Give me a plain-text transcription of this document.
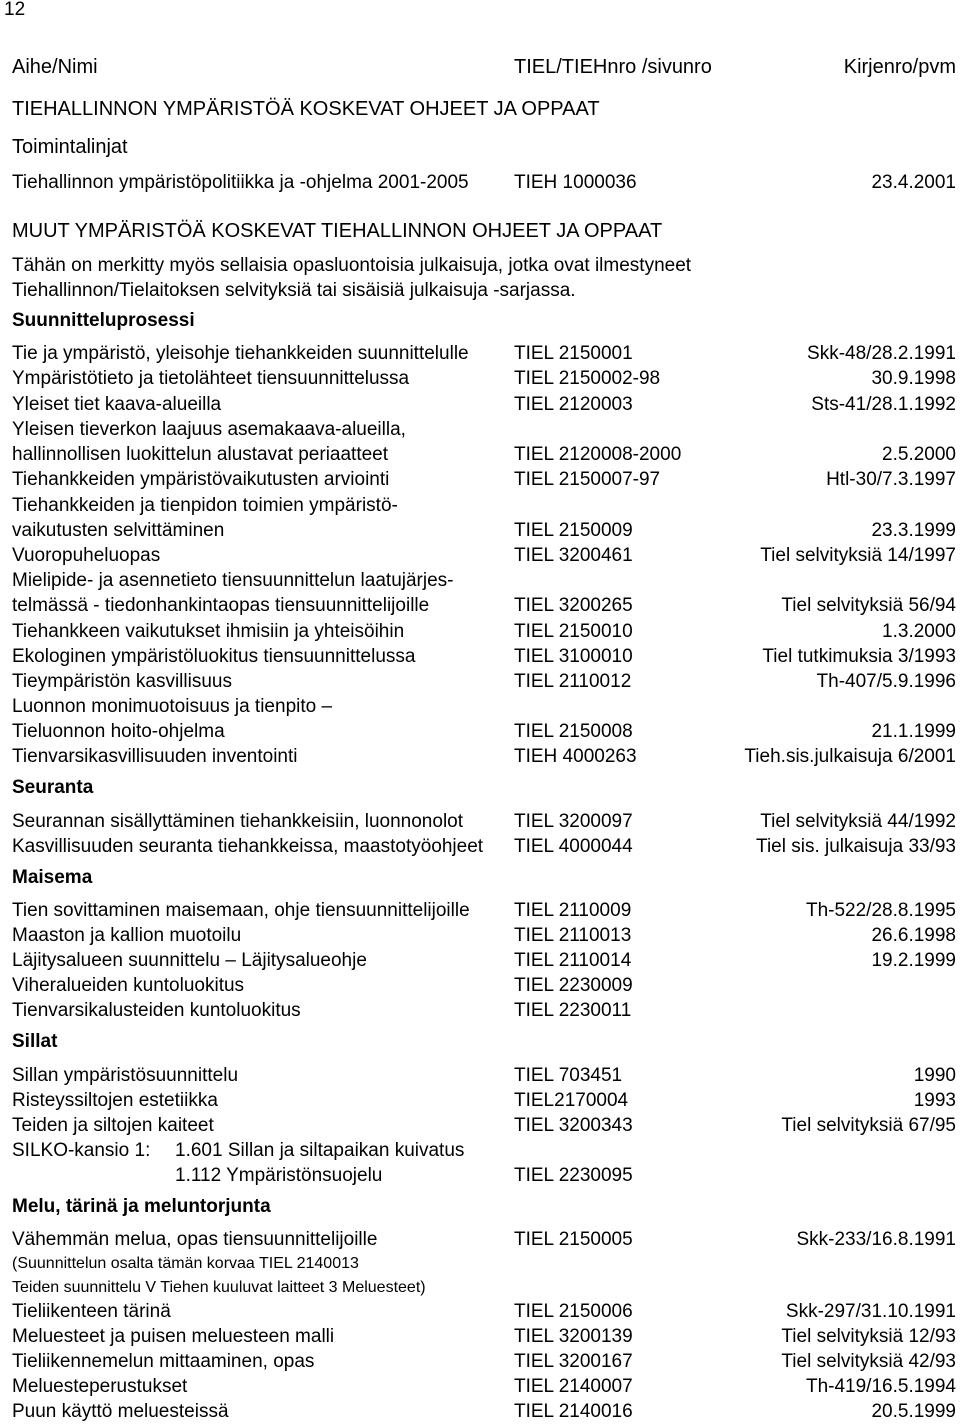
12
Aihe/Nimi	TIEL/TIEHnro /sivunro	Kirjenro/pvm
TIEHALLINNON YMPÄRISTÖÄ KOSKEVAT OHJEET JA OPPAAT
Toimintalinjat
Tiehallinnon ympäristöpolitiikka ja -ohjelma 2001-2005 TIEH 1000036	23.4.2001
MUUT YMPÄRISTÖÄ KOSKEVAT TIEHALLINNON OHJEET JA OPPAAT
Tähän on merkitty myös sellaisia opasluontoisia julkaisuja, jotka ovat ilmestyneet
Tiehallinnon/Tielaitoksen selvityksiä tai sisäisiä julkaisuja -sarjassa.
Suunnitteluprosessi
Tie ja ympäristö, yleisohje tiehankkeiden suunnittelulle TIEL 2150001	Skk-48/28.2.1991
Ympäristötieto ja tietolähteet tiensuunnittelussa	TIEL 2150002-98	30.9.1998
Yleiset tiet kaava-alueilla	TIEL 2120003	Sts-41/28.1.1992
Yleisen tieverkon laajuus asemakaava-alueilla,
hallinnollisen luokittelun alustavat periaatteet	TIEL 2120008-2000	2.5.2000
Tiehankkeiden ympäristövaikutusten arviointi	TIEL 2150007-97	Htl-30/7.3.1997
Tiehankkeiden ja tienpidon toimien ympäristö-
vaikutusten selvittäminen	TIEL 2150009	23.3.1999
Vuoropuheluopas	TIEL 3200461	Tiel selvityksiä 14/1997
Mielipide- ja asennetieto tiensuunnittelun laatujärjes-
telmässä - tiedonhankintaopas tiensuunnittelijoille	TIEL 3200265	Tiel selvityksiä 56/94
Tiehankkeen vaikutukset ihmisiin ja yhteisöihin	TIEL 2150010	1.3.2000
Ekologinen ympäristöluokitus tiensuunnittelussa	TIEL 3100010	Tiel tutkimuksia 3/1993
Tieympäristön kasvillisuus	TIEL 2110012	Th-407/5.9.1996
Luonnon monimuotoisuus ja tienpito –
Tieluonnon hoito-ohjelma	TIEL 2150008	21.1.1999
Tienvarsikasvillisuuden inventointi	TIEH 4000263	Tieh.sis.julkaisuja 6/2001
Seuranta
Seurannan sisällyttäminen tiehankkeisiin, luonnonolot	TIEL 3200097	Tiel selvityksiä 44/1992
Kasvillisuuden seuranta tiehankkeissa, maastotyöohjeet TIEL 4000044	Tiel sis. julkaisuja 33/93
Maisema
Tien sovittaminen maisemaan, ohje tiensuunnittelijoille TIEL 2110009	Th-522/28.8.1995
Maaston ja kallion muotoilu	TIEL 2110013	26.6.1998
Läjitysalueen suunnittelu – Läjitysalueohje	TIEL 2110014	19.2.1999
Viheralueiden kuntoluokitus	TIEL 2230009
Tienvarsikalusteiden kuntoluokitus	TIEL 2230011
Sillat
Sillan ympäristösuunnittelu	TIEL 703451	1990
Risteyssiltojen estetiikka	TIEL2170004	1993
Teiden ja siltojen kaiteet	TIEL 3200343	Tiel selvityksiä 67/95
SILKO-kansio 1: 1.601 Sillan ja siltapaikan kuivatus
1.112 Ympäristönsuojelu	TIEL 2230095
Melu, tärinä ja meluntorjunta
Vähemmän melua, opas tiensuunnittelijoille	TIEL 2150005	Skk-233/16.8.1991
(Suunnittelun osalta tämän korvaa TIEL 2140013
Teiden suunnittelu V Tiehen kuuluvat laitteet 3 Meluesteet)
Tieliikenteen tärinä	TIEL 2150006	Skk-297/31.10.1991
Meluesteet ja puisen meluesteen malli	TIEL 3200139	Tiel selvityksiä 12/93
Tieliikennemelun mittaaminen, opas	TIEL 3200167	Tiel selvityksiä 42/93
Meluesteperustukset	TIEL 2140007	Th-419/16.5.1994
Puun käyttö meluesteissä	TIEL 2140016	20.5.1999
